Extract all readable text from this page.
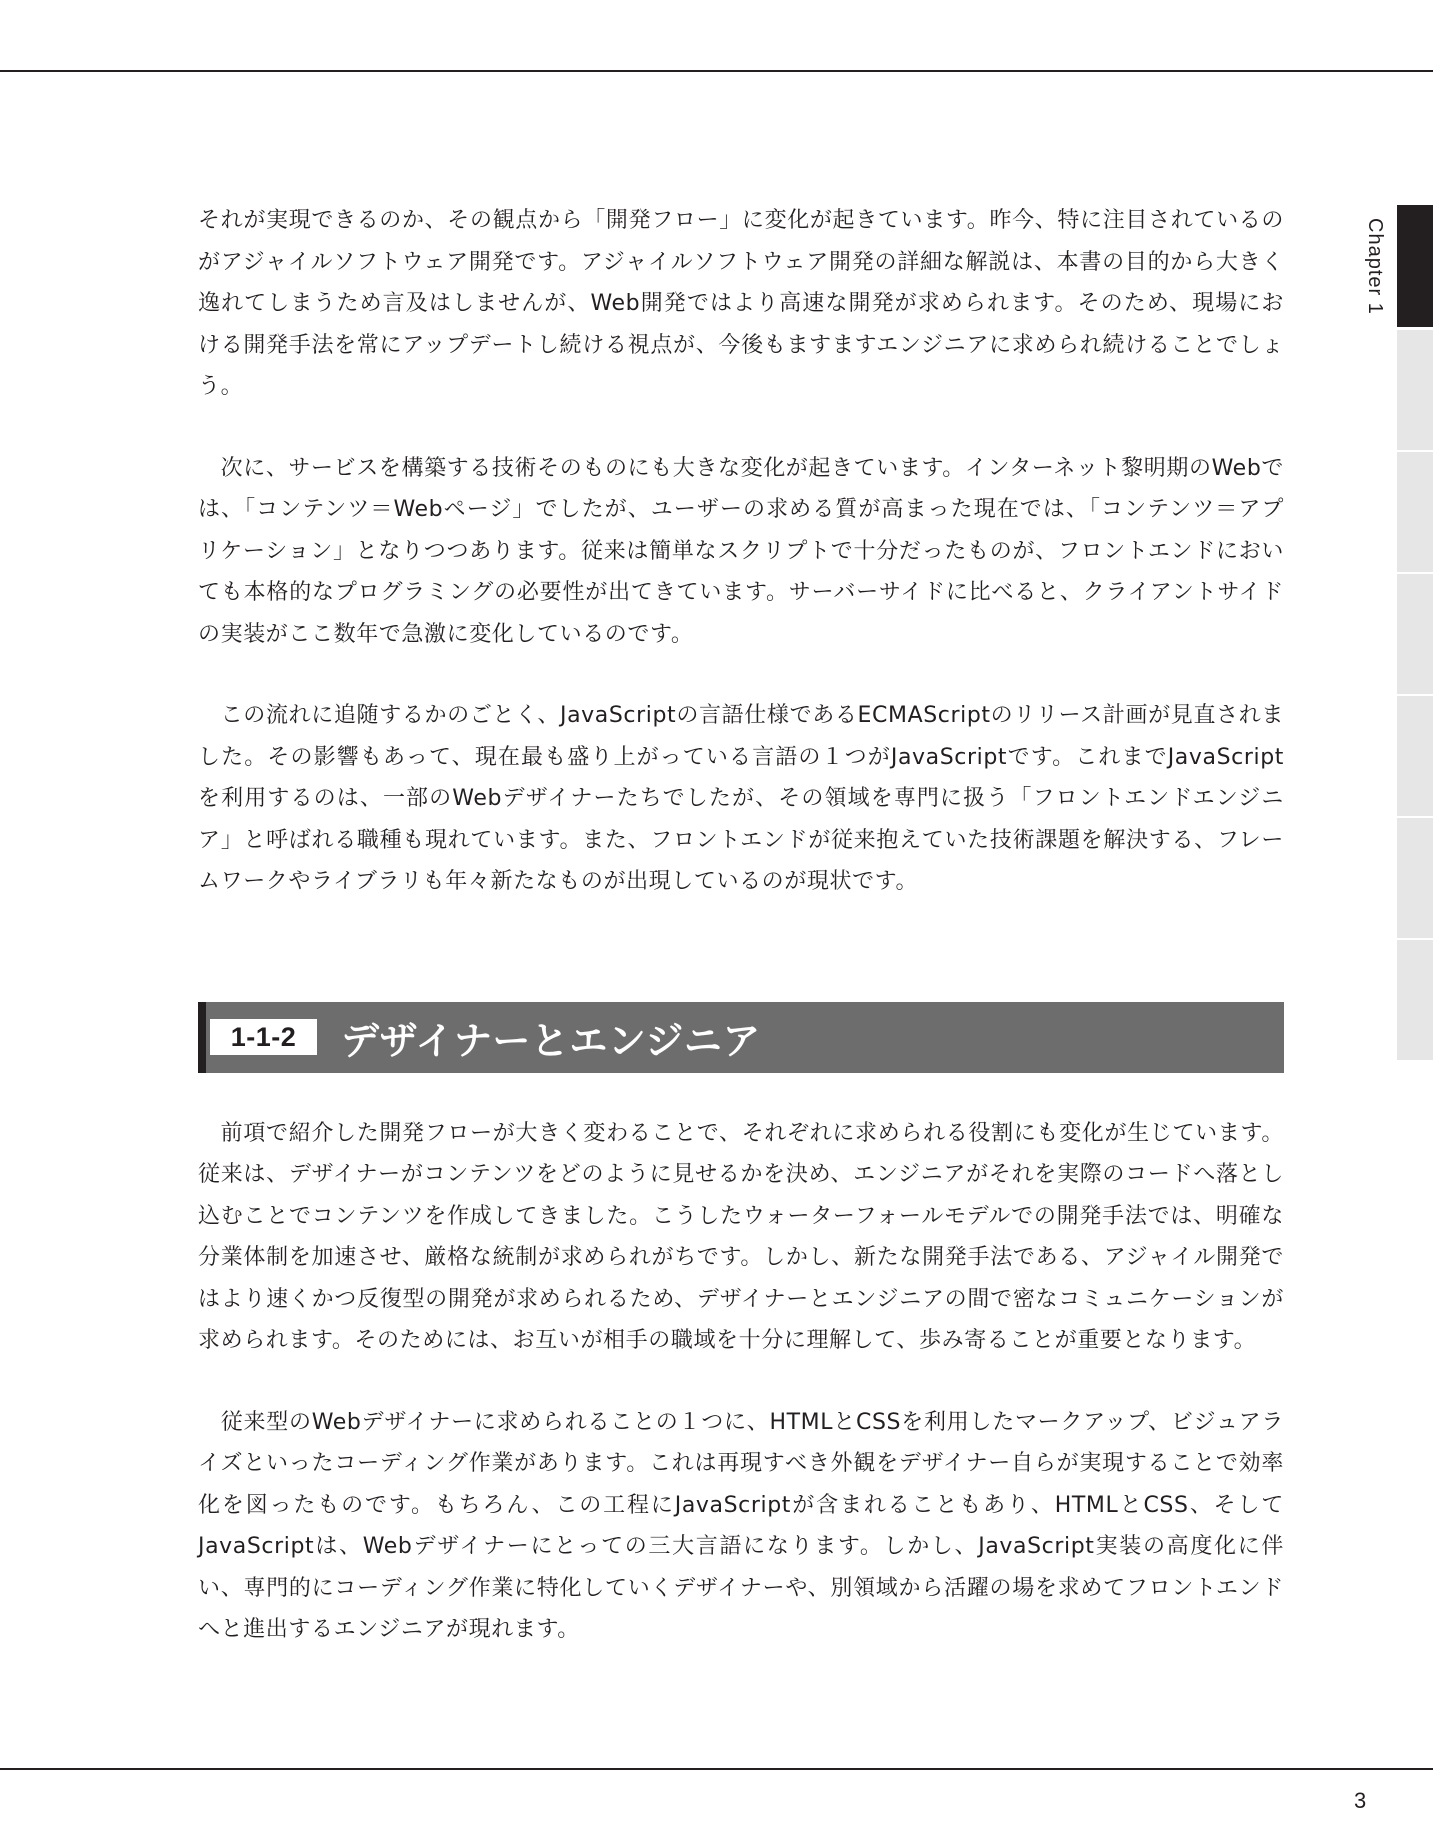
Chapter 1

それが実現できるのか、その観点から「開発フロー」に変化が起きています。昨今、特に注目されているのがアジャイルソフトウェア開発です。アジャイルソフトウェア開発の詳細な解説は、本書の目的から大きく逸れてしまうため言及はしませんが、Web開発ではより高速な開発が求められます。そのため、現場における開発手法を常にアップデートし続ける視点が、今後もますますエンジニアに求められ続けることでしょう。

　次に、サービスを構築する技術そのものにも大きな変化が起きています。インターネット黎明期のWebでは、「コンテンツ＝Webページ」でしたが、ユーザーの求める質が高まった現在では、「コンテンツ＝アプリケーション」となりつつあります。従来は簡単なスクリプトで十分だったものが、フロントエンドにおいても本格的なプログラミングの必要性が出てきています。サーバーサイドに比べると、クライアントサイドの実装がここ数年で急激に変化しているのです。

　この流れに追随するかのごとく、JavaScriptの言語仕様であるECMAScriptのリリース計画が見直されました。その影響もあって、現在最も盛り上がっている言語の１つがJavaScriptです。これまでJavaScriptを利用するのは、一部のWebデザイナーたちでしたが、その領域を専門に扱う「フロントエンドエンジニア」と呼ばれる職種も現れています。また、フロントエンドが従来抱えていた技術課題を解決する、フレームワークやライブラリも年々新たなものが出現しているのが現状です。

1-1-2	デザイナーとエンジニア

　前項で紹介した開発フローが大きく変わることで、それぞれに求められる役割にも変化が生じています。従来は、デザイナーがコンテンツをどのように見せるかを決め、エンジニアがそれを実際のコードへ落とし込むことでコンテンツを作成してきました。こうしたウォーターフォールモデルでの開発手法では、明確な分業体制を加速させ、厳格な統制が求められがちです。しかし、新たな開発手法である、アジャイル開発ではより速くかつ反復型の開発が求められるため、デザイナーとエンジニアの間で密なコミュニケーションが求められます。そのためには、お互いが相手の職域を十分に理解して、歩み寄ることが重要となります。

　従来型のWebデザイナーに求められることの１つに、HTMLとCSSを利用したマークアップ、ビジュアライズといったコーディング作業があります。これは再現すべき外観をデザイナー自らが実現することで効率化を図ったものです。もちろん、この工程にJavaScriptが含まれることもあり、HTMLとCSS、そしてJavaScriptは、Webデザイナーにとっての三大言語になります。しかし、JavaScript実装の高度化に伴い、専門的にコーディング作業に特化していくデザイナーや、別領域から活躍の場を求めてフロントエンドへと進出するエンジニアが現れます。

3
